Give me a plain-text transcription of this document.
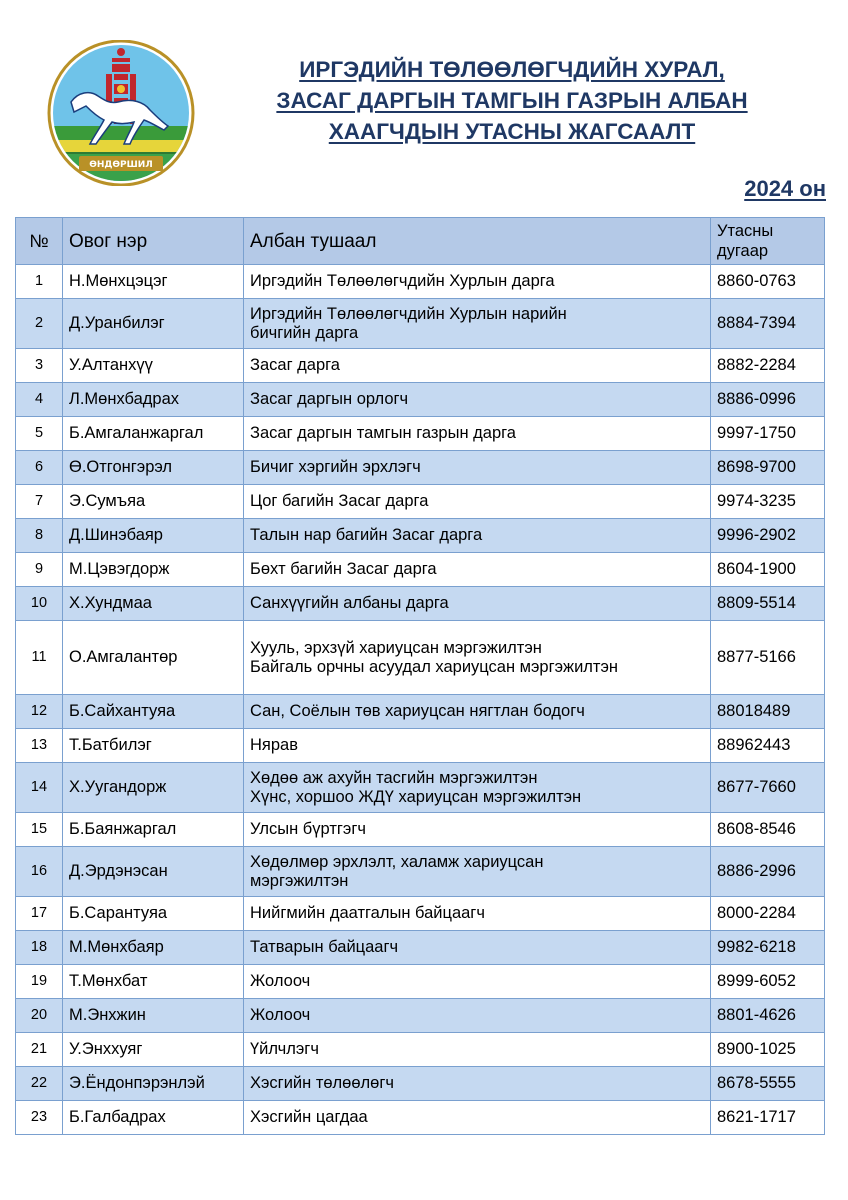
ӨНДӨРШИЛ
ИРГЭДИЙН ТӨЛӨӨЛӨГЧДИЙН ХУРАЛ,
ЗАСАГ ДАРГЫН ТАМГЫН ГАЗРЫН АЛБАН
ХААГЧДЫН УТАСНЫ ЖАГСААЛТ
2024 он
№	Овог нэр	Албан тушаал	Утасны
дугаар

1	Н.Мөнхцэцэг	Иргэдийн Төлөөлөгчдийн Хурлын дарга	8860-0763
2	Д.Уранбилэг	Иргэдийн Төлөөлөгчдийн Хурлын нарийн
бичгийн дарга	8884-7394
3	У.Алтанхүү	Засаг дарга	8882-2284
4	Л.Мөнхбадрах	Засаг даргын орлогч	8886-0996
5	Б.Амгаланжаргал	Засаг даргын тамгын газрын дарга	9997-1750
6	Ө.Отгонгэрэл	Бичиг хэргийн эрхлэгч	8698-9700
7	Э.Сумъяа	Цог багийн Засаг дарга	9974-3235
8	Д.Шинэбаяр	Талын нар багийн Засаг дарга	9996-2902
9	М.Цэвэгдорж	Бөхт багийн Засаг дарга	8604-1900
10	Х.Хундмаа	Санхүүгийн албаны дарга	8809-5514
11	О.Амгалантөр	Хууль, эрхзүй хариуцсан мэргэжилтэн
Байгаль орчны асуудал хариуцсан мэргэжилтэн	8877-5166
12	Б.Сайхантуяа	Сан, Соёлын төв хариуцсан нягтлан бодогч	88018489
13	Т.Батбилэг	Нярав	88962443
14	Х.Уугандорж	Хөдөө аж ахуйн тасгийн мэргэжилтэн
Хүнс, хоршоо ЖДҮ хариуцсан мэргэжилтэн	8677-7660
15	Б.Баянжаргал	Улсын бүртгэгч	8608-8546
16	Д.Эрдэнэсан	Хөдөлмөр эрхлэлт, халамж хариуцсан
мэргэжилтэн	8886-2996
17	Б.Сарантуяа	Нийгмийн даатгалын байцаагч	8000-2284
18	М.Мөнхбаяр	Татварын байцаагч	9982-6218
19	Т.Мөнхбат	Жолооч	8999-6052
20	М.Энхжин	Жолооч	8801-4626
21	У.Энххуяг	Үйлчлэгч	8900-1025
22	Э.Ёндонпэрэнлэй	Хэсгийн төлөөлөгч	8678-5555
23	Б.Галбадрах	Хэсгийн цагдаа	8621-1717
